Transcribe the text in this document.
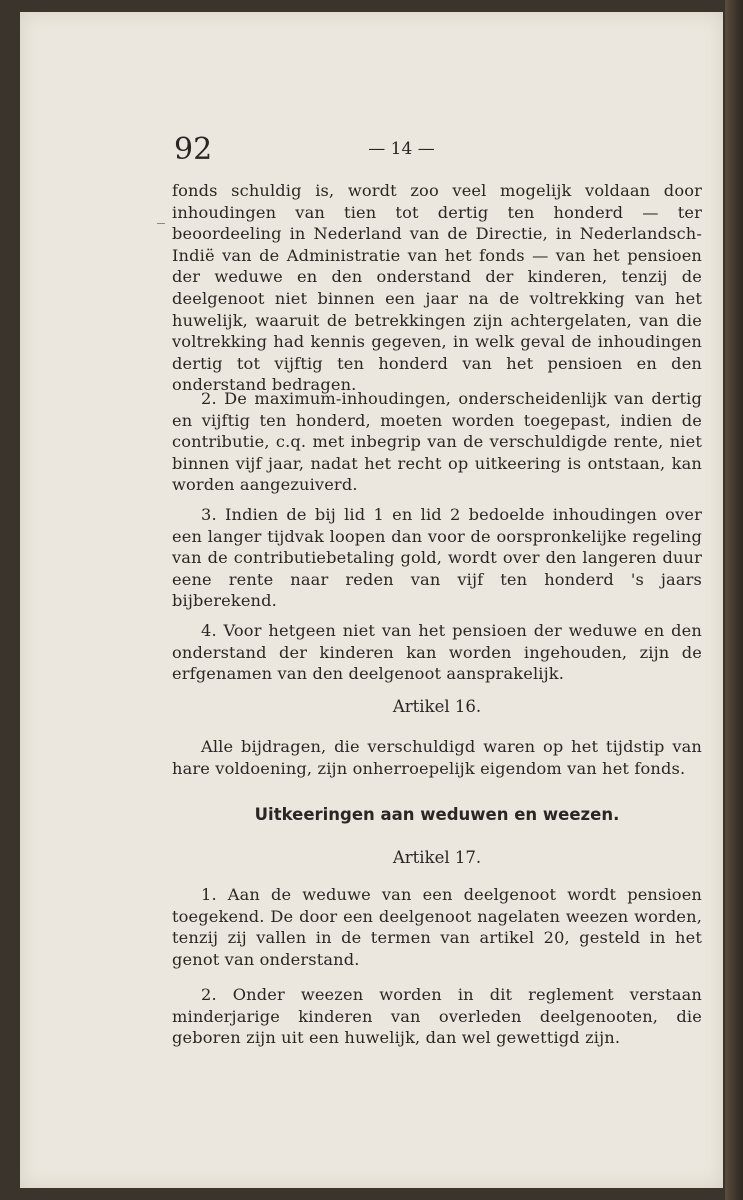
92	— 14 —

fonds schuldig is, wordt zoo veel mogelijk voldaan door inhoudingen van tien tot dertig ten honderd — ter beoordeeling in Nederland van de Directie, in Nederlandsch-Indië van de Administratie van het fonds — van het pensioen der weduwe en den onderstand der kinderen, tenzij de deelgenoot niet binnen een jaar na de voltrekking van het huwelijk, waaruit de betrekkingen zijn achtergelaten, van die voltrekking had kennis gegeven, in welk geval de inhoudingen dertig tot vijftig ten honderd van het pensioen en den onderstand bedragen.

2. De maximum-inhoudingen, onderscheidenlijk van dertig en vijftig ten honderd, moeten worden toegepast, indien de contributie, c.q. met inbegrip van de verschuldigde rente, niet binnen vijf jaar, nadat het recht op uitkeering is ontstaan, kan worden aangezuiverd.

3. Indien de bij lid 1 en lid 2 bedoelde inhoudingen over een langer tijdvak loopen dan voor de oorspronkelijke regeling van de contributiebetaling gold, wordt over den langeren duur eene rente naar reden van vijf ten honderd 's jaars bijberekend.

4. Voor hetgeen niet van het pensioen der weduwe en den onderstand der kinderen kan worden ingehouden, zijn de erfgenamen van den deelgenoot aansprakelijk.

Artikel 16.

Alle bijdragen, die verschuldigd waren op het tijdstip van hare voldoening, zijn onherroepelijk eigendom van het fonds.

Uitkeeringen aan weduwen en weezen.
Artikel 17.

1. Aan de weduwe van een deelgenoot wordt pensioen toegekend. De door een deelgenoot nagelaten weezen worden, tenzij zij vallen in de termen van artikel 20, gesteld in het genot van onderstand.

2. Onder weezen worden in dit reglement verstaan minderjarige kinderen van overleden deelgenooten, die geboren zijn uit een huwelijk, dan wel gewettigd zijn.
